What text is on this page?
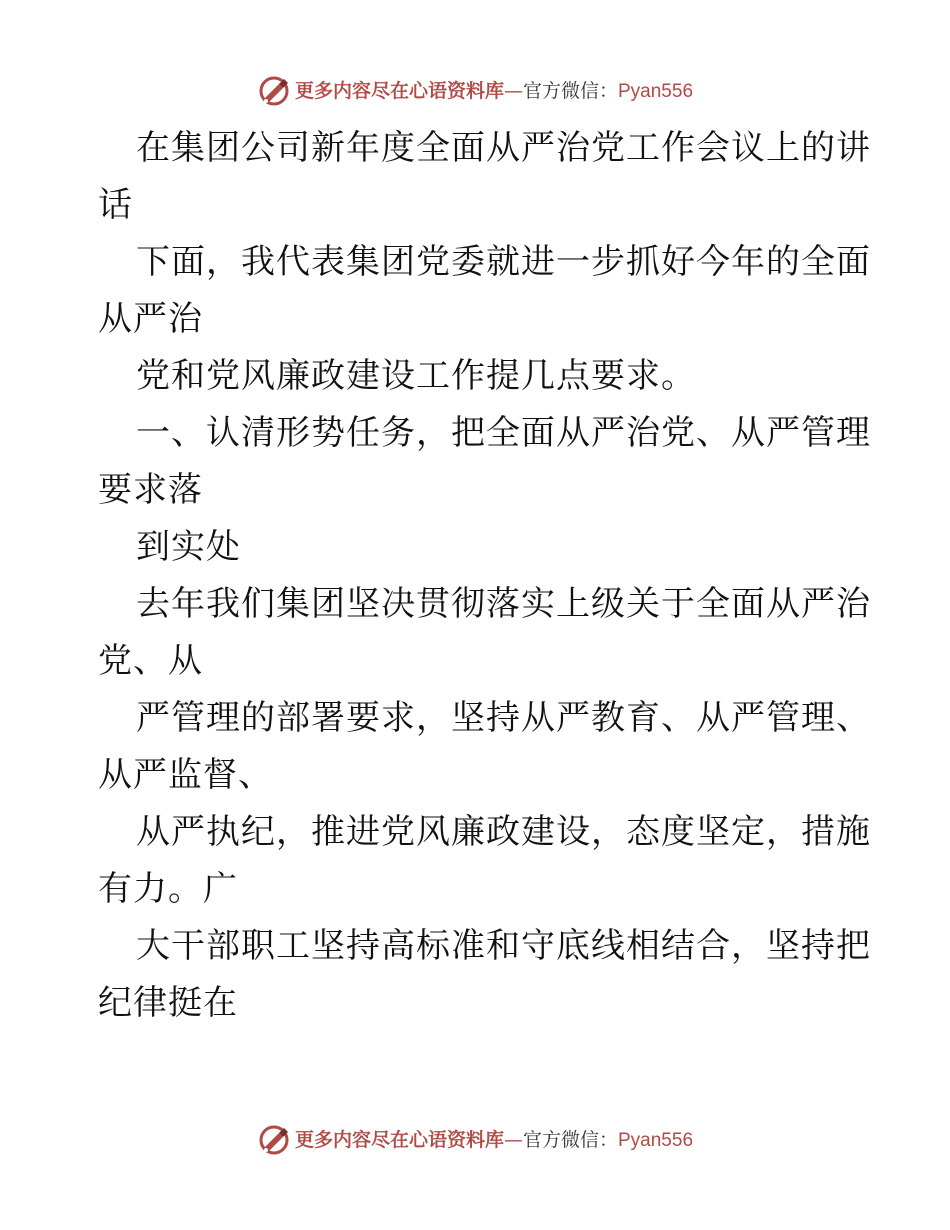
更多内容尽在心语资料库—官方微信：Pyan556
在集团公司新年度全面从严治党工作会议上的讲
话
下面，我代表集团党委就进一步抓好今年的全面
从严治
党和党风廉政建设工作提几点要求。
一、认清形势任务，把全面从严治党、从严管理
要求落
到实处
去年我们集团坚决贯彻落实上级关于全面从严治
党、从
严管理的部署要求，坚持从严教育、从严管理、
从严监督、
从严执纪，推进党风廉政建设，态度坚定，措施
有力。广
大干部职工坚持高标准和守底线相结合，坚持把
纪律挺在
更多内容尽在心语资料库—官方微信：Pyan556
